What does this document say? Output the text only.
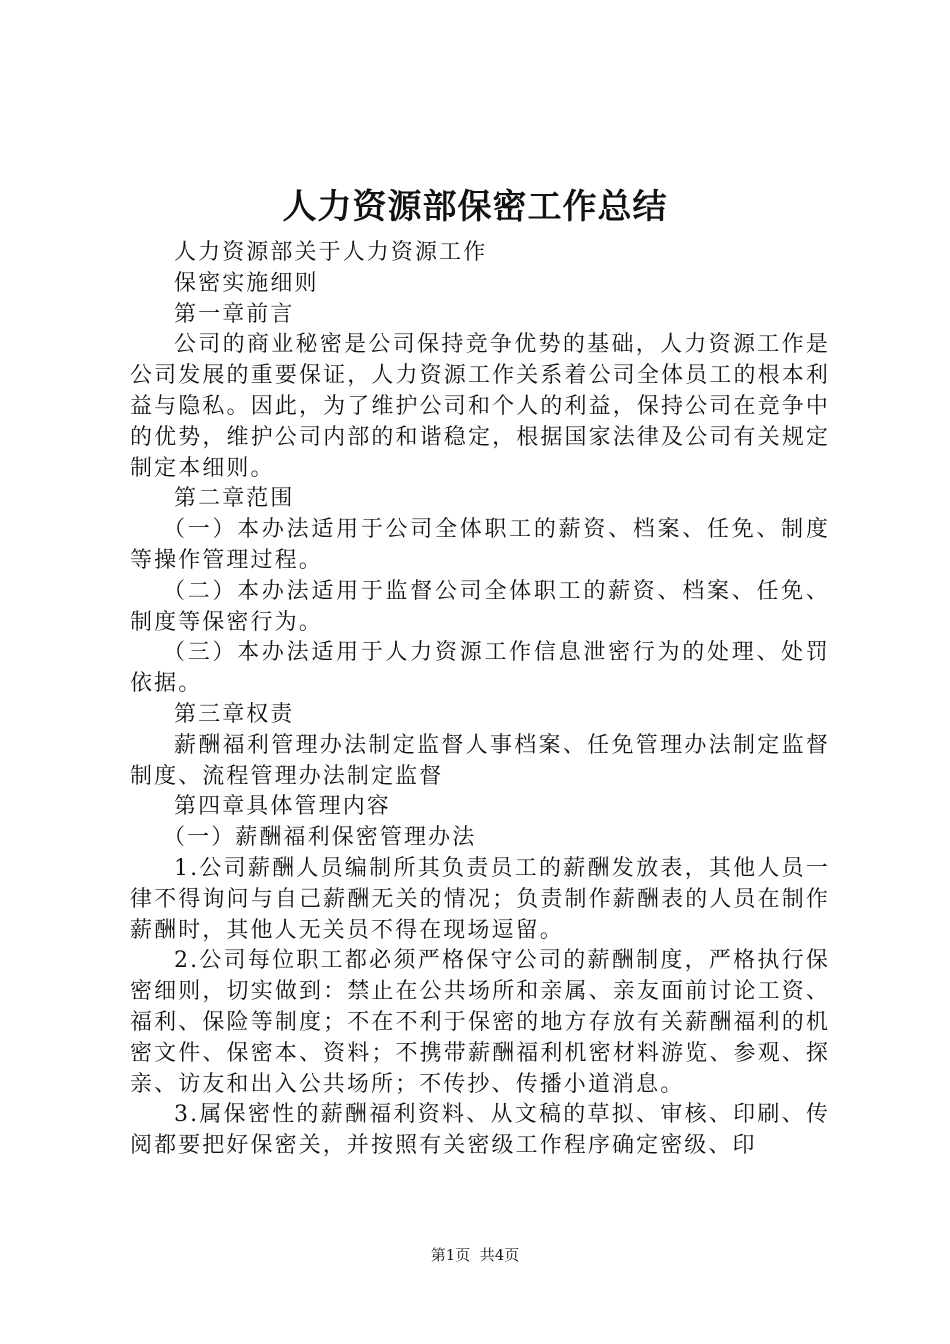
人力资源部保密工作总结

人力资源部关于人力资源工作

保密实施细则

第一章前言

公司的商业秘密是公司保持竞争优势的基础，人力资源工作是公司发展的重要保证，人力资源工作关系着公司全体员工的根本利益与隐私。因此，为了维护公司和个人的利益，保持公司在竞争中的优势，维护公司内部的和谐稳定，根据国家法律及公司有关规定制定本细则。

第二章范围

（一）本办法适用于公司全体职工的薪资、档案、任免、制度等操作管理过程。

（二）本办法适用于监督公司全体职工的薪资、档案、任免、制度等保密行为。

（三）本办法适用于人力资源工作信息泄密行为的处理、处罚依据。

第三章权责

薪酬福利管理办法制定监督人事档案、任免管理办法制定监督制度、流程管理办法制定监督

第四章具体管理内容

（一）薪酬福利保密管理办法

1.公司薪酬人员编制所其负责员工的薪酬发放表，其他人员一律不得询问与自己薪酬无关的情况；负责制作薪酬表的人员在制作薪酬时，其他人无关员不得在现场逗留。

2.公司每位职工都必须严格保守公司的薪酬制度，严格执行保密细则，切实做到：禁止在公共场所和亲属、亲友面前讨论工资、福利、保险等制度；不在不利于保密的地方存放有关薪酬福利的机密文件、保密本、资料；不携带薪酬福利机密材料游览、参观、探亲、访友和出入公共场所；不传抄、传播小道消息。

3.属保密性的薪酬福利资料、从文稿的草拟、审核、印刷、传阅都要把好保密关，并按照有关密级工作程序确定密级、印

第1页  共4页
